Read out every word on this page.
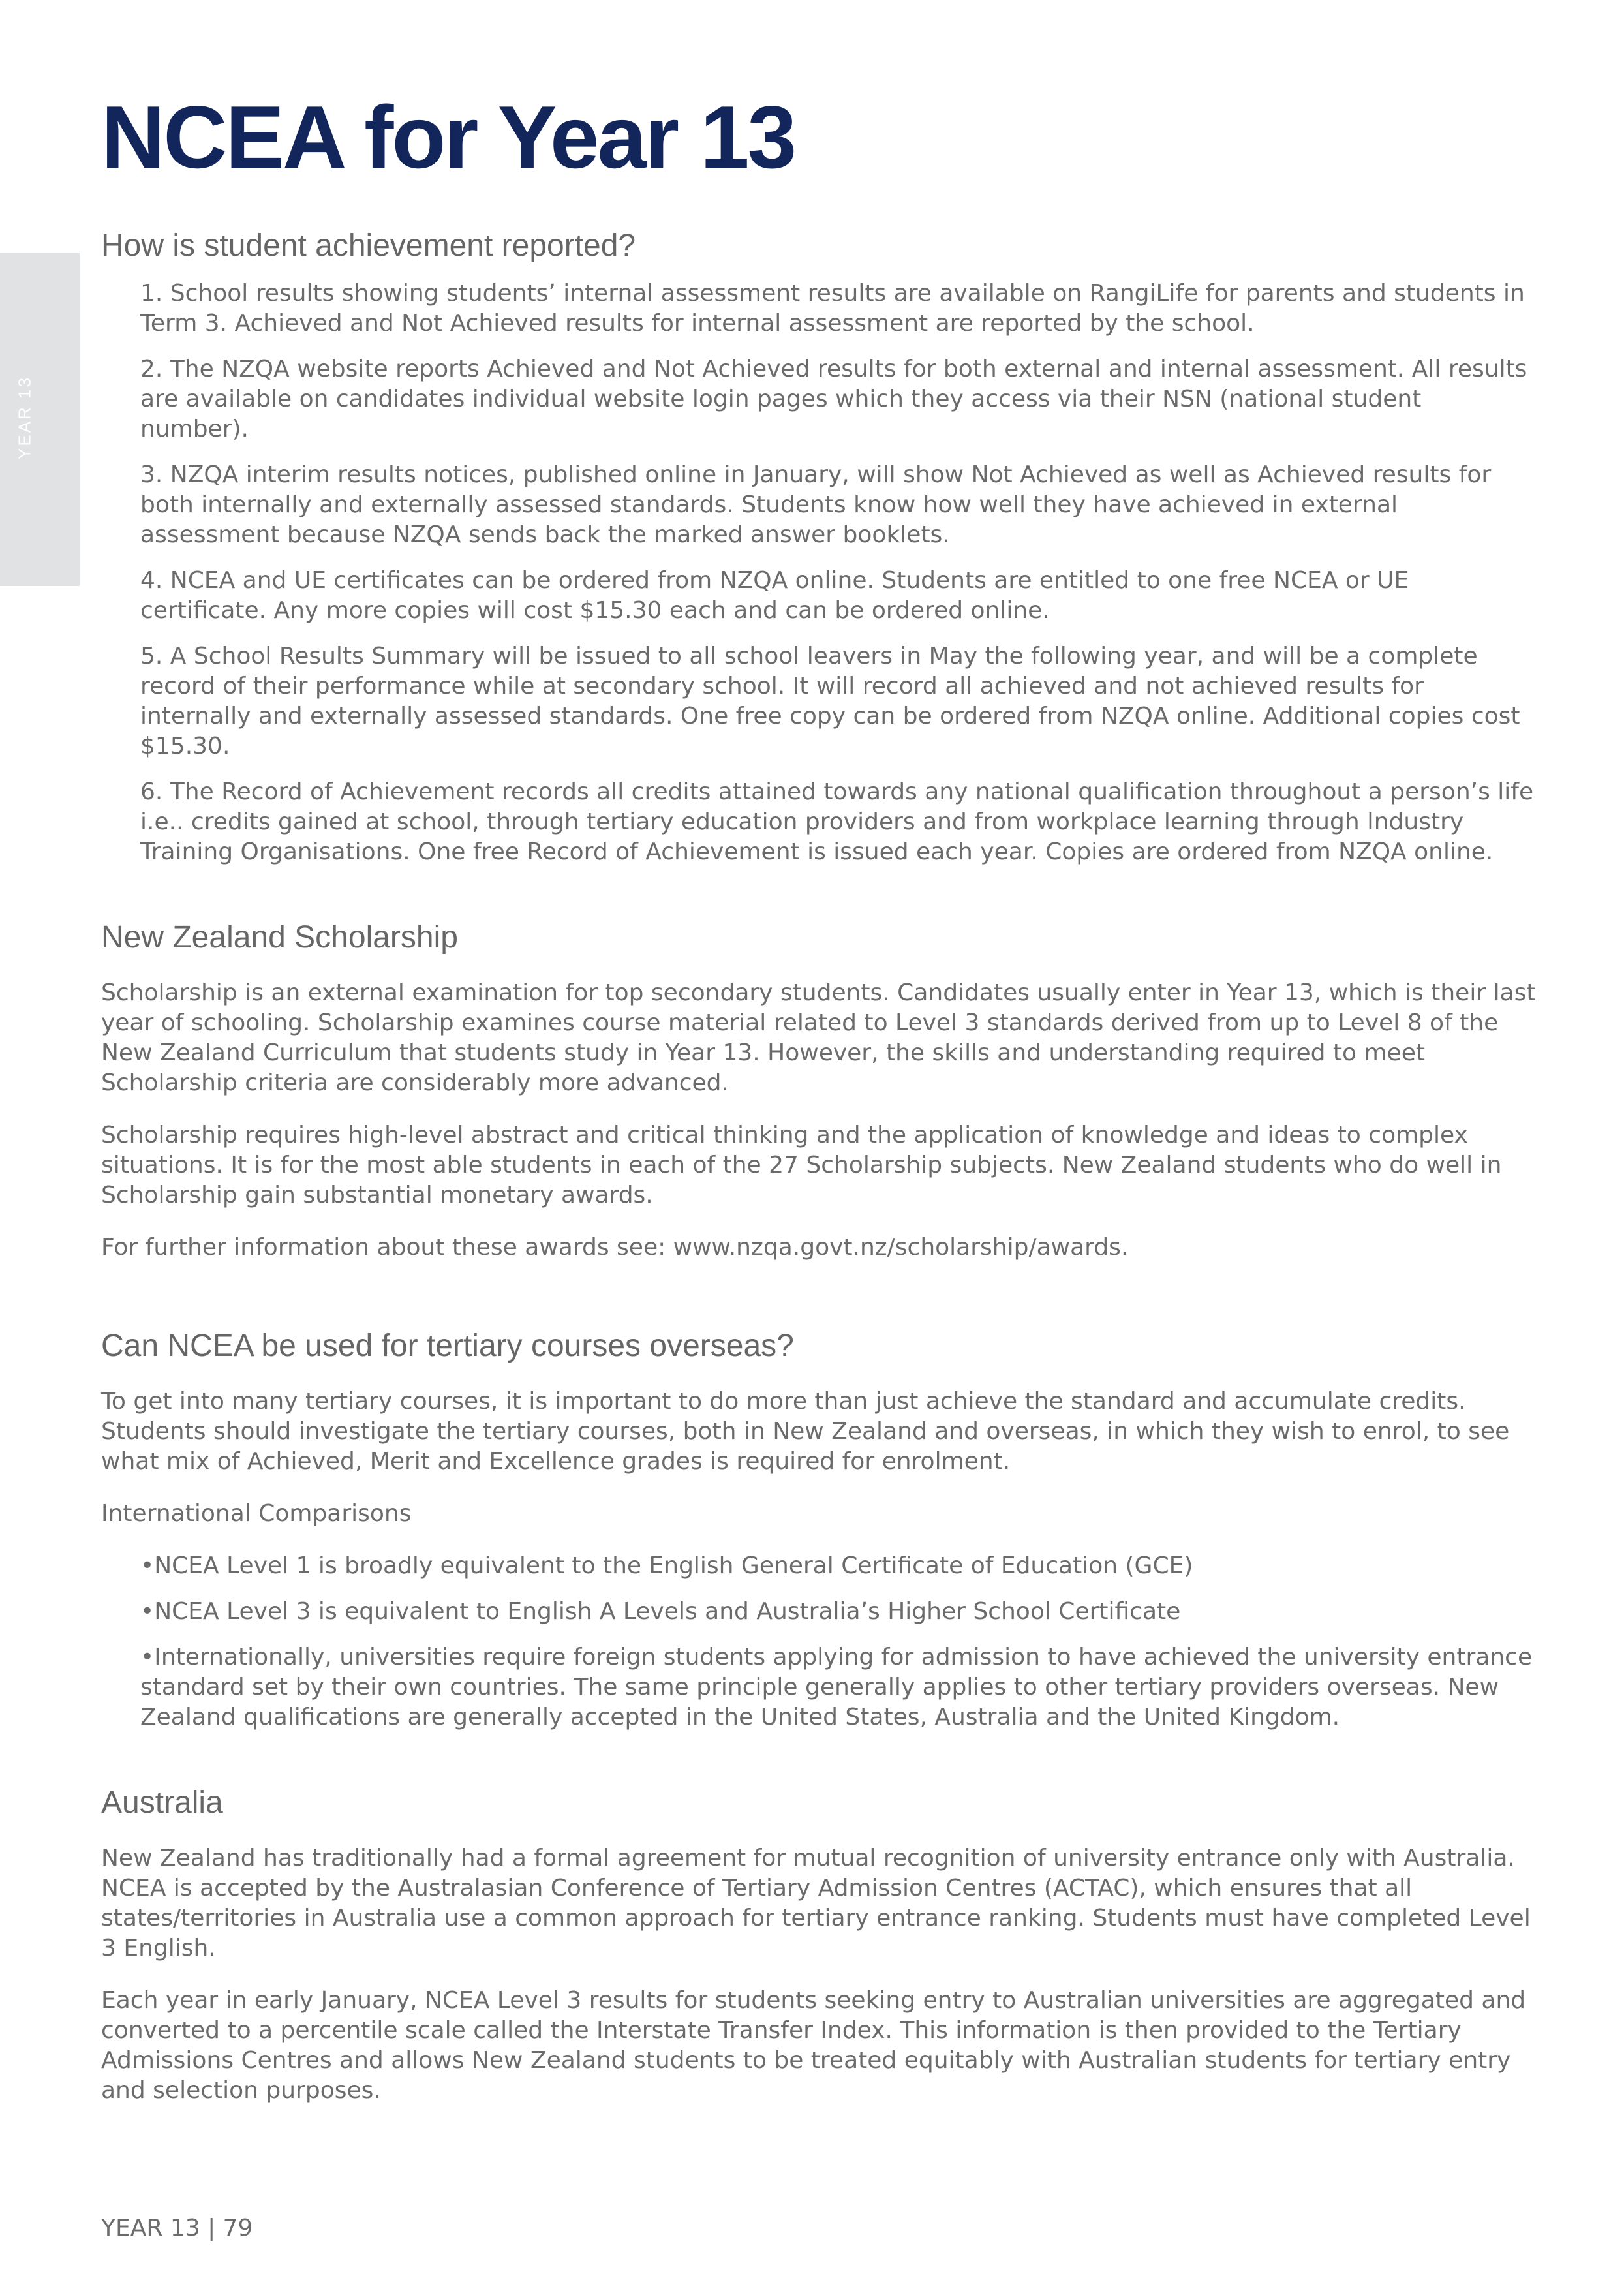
YEAR 13
NCEA for Year 13
How is student achievement reported?
1. School results showing students’ internal assessment results are available on RangiLife for parents and students in Term 3. Achieved and Not Achieved results for internal assessment are reported by the school.
2. The NZQA website reports Achieved and Not Achieved results for both external and internal assessment. All results are available on candidates individual website login pages which they access via their NSN (national student number).
3. NZQA interim results notices, published online in January, will show Not Achieved as well as Achieved results for both internally and externally assessed standards. Students know how well they have achieved in external assessment because NZQA sends back the marked answer booklets.
4. NCEA and UE certificates can be ordered from NZQA online. Students are entitled to one free NCEA or UE certificate. Any more copies will cost $15.30 each and can be ordered online.
5. A School Results Summary will be issued to all school leavers in May the following year, and will be a complete record of their performance while at secondary school. It will record all achieved and not achieved results for internally and externally assessed standards. One free copy can be ordered from NZQA online. Additional copies cost $15.30.
6. The Record of Achievement records all credits attained towards any national qualification throughout a person’s life i.e.. credits gained at school, through tertiary education providers and from workplace learning through Industry Training Organisations. One free Record of Achievement is issued each year. Copies are ordered from NZQA online.
New Zealand Scholarship

Scholarship is an external examination for top secondary students. Candidates usually enter in Year 13, which is their last year of schooling. Scholarship examines course material related to Level 3 standards derived from up to Level 8 of the New Zealand Curriculum that students study in Year 13. However, the skills and understanding required to meet Scholarship criteria are considerably more advanced.

Scholarship requires high-level abstract and critical thinking and the application of knowledge and ideas to complex situations. It is for the most able students in each of the 27 Scholarship subjects. New Zealand students who do well in Scholarship gain substantial monetary awards.

For further information about these awards see: www.nzqa.govt.nz/scholarship/awards.

Can NCEA be used for tertiary courses overseas?

To get into many tertiary courses, it is important to do more than just achieve the standard and accumulate credits. Students should investigate the tertiary courses, both in New Zealand and overseas, in which they wish to enrol, to see what mix of Achieved, Merit and Excellence grades is required for enrolment.

International Comparisons

• NCEA Level 1 is broadly equivalent to the English General Certificate of Education (GCE)
• NCEA Level 3 is equivalent to English A Levels and Australia’s Higher School Certificate
• Internationally, universities require foreign students applying for admission to have achieved the university entrance standard set by their own countries. The same principle generally applies to other tertiary providers overseas. New Zealand qualifications are generally accepted in the United States, Australia and the United Kingdom.
Australia

New Zealand has traditionally had a formal agreement for mutual recognition of university entrance only with Australia. NCEA is accepted by the Australasian Conference of Tertiary Admission Centres (ACTAC), which ensures that all states/territories in Australia use a common approach for tertiary entrance ranking. Students must have completed Level 3 English.

Each year in early January, NCEA Level 3 results for students seeking entry to Australian universities are aggregated and converted to a percentile scale called the Interstate Transfer Index. This information is then provided to the Tertiary Admissions Centres and allows New Zealand students to be treated equitably with Australian students for tertiary entry and selection purposes.

YEAR 13 | 79
